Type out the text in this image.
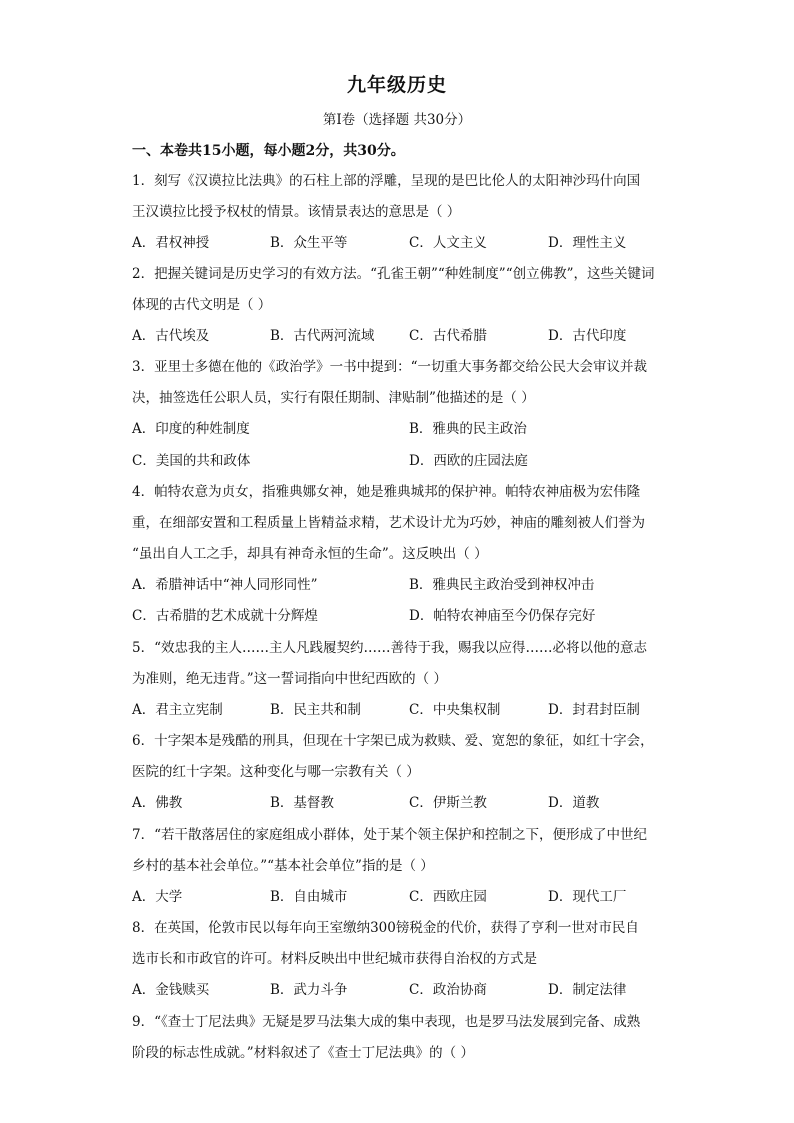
九年级历史
第I卷（选择题 共30分）
一、本卷共15小题，每小题2分，共30分。
1．刻写《汉谟拉比法典》的石柱上部的浮雕，呈现的是巴比伦人的太阳神沙玛什向国
王汉谟拉比授予权杖的情景。该情景表达的意思是（ ）
A．君权神授	B．众生平等	C．人文主义	D．理性主义
2．把握关键词是历史学习的有效方法。“孔雀王朝”“种姓制度”“创立佛教”，这些关键词
体现的古代文明是（ ）
A．古代埃及	B．古代两河流域	C．古代希腊	D．古代印度
3．亚里士多德在他的《政治学》一书中提到：“一切重大事务都交给公民大会审议并裁
决，抽签选任公职人员，实行有限任期制、津贴制”他描述的是（ ）
A．印度的种姓制度	B．雅典的民主政治
C．美国的共和政体	D．西欧的庄园法庭
4．帕特农意为贞女，指雅典娜女神，她是雅典城邦的保护神。帕特农神庙极为宏伟隆
重，在细部安置和工程质量上皆精益求精，艺术设计尤为巧妙，神庙的雕刻被人们誉为
“虽出自人工之手，却具有神奇永恒的生命”。这反映出（ ）
A．希腊神话中“神人同形同性”	B．雅典民主政治受到神权冲击
C．古希腊的艺术成就十分辉煌	D．帕特农神庙至今仍保存完好
5．“效忠我的主人……主人凡践履契约……善待于我，赐我以应得……必将以他的意志
为准则，绝无违背。”这一誓词指向中世纪西欧的（ ）
A．君主立宪制	B．民主共和制	C．中央集权制	D．封君封臣制
6．十字架本是残酷的刑具，但现在十字架已成为救赎、爱、宽恕的象征，如红十字会，
医院的红十字架。这种变化与哪一宗教有关（ ）
A．佛教	B．基督教	C．伊斯兰教	D．道教
7．“若干散落居住的家庭组成小群体，处于某个领主保护和控制之下，便形成了中世纪
乡村的基本社会单位。”“基本社会单位”指的是（ ）
A．大学	B．自由城市	C．西欧庄园	D．现代工厂
8．在英国，伦敦市民以每年向王室缴纳300镑税金的代价，获得了亨利一世对市民自
选市长和市政官的许可。材料反映出中世纪城市获得自治权的方式是
A．金钱赎买	B．武力斗争	C．政治协商	D．制定法律
9．“《查士丁尼法典》无疑是罗马法集大成的集中表现，也是罗马法发展到完备、成熟
阶段的标志性成就。”材料叙述了《查士丁尼法典》的（ ）
